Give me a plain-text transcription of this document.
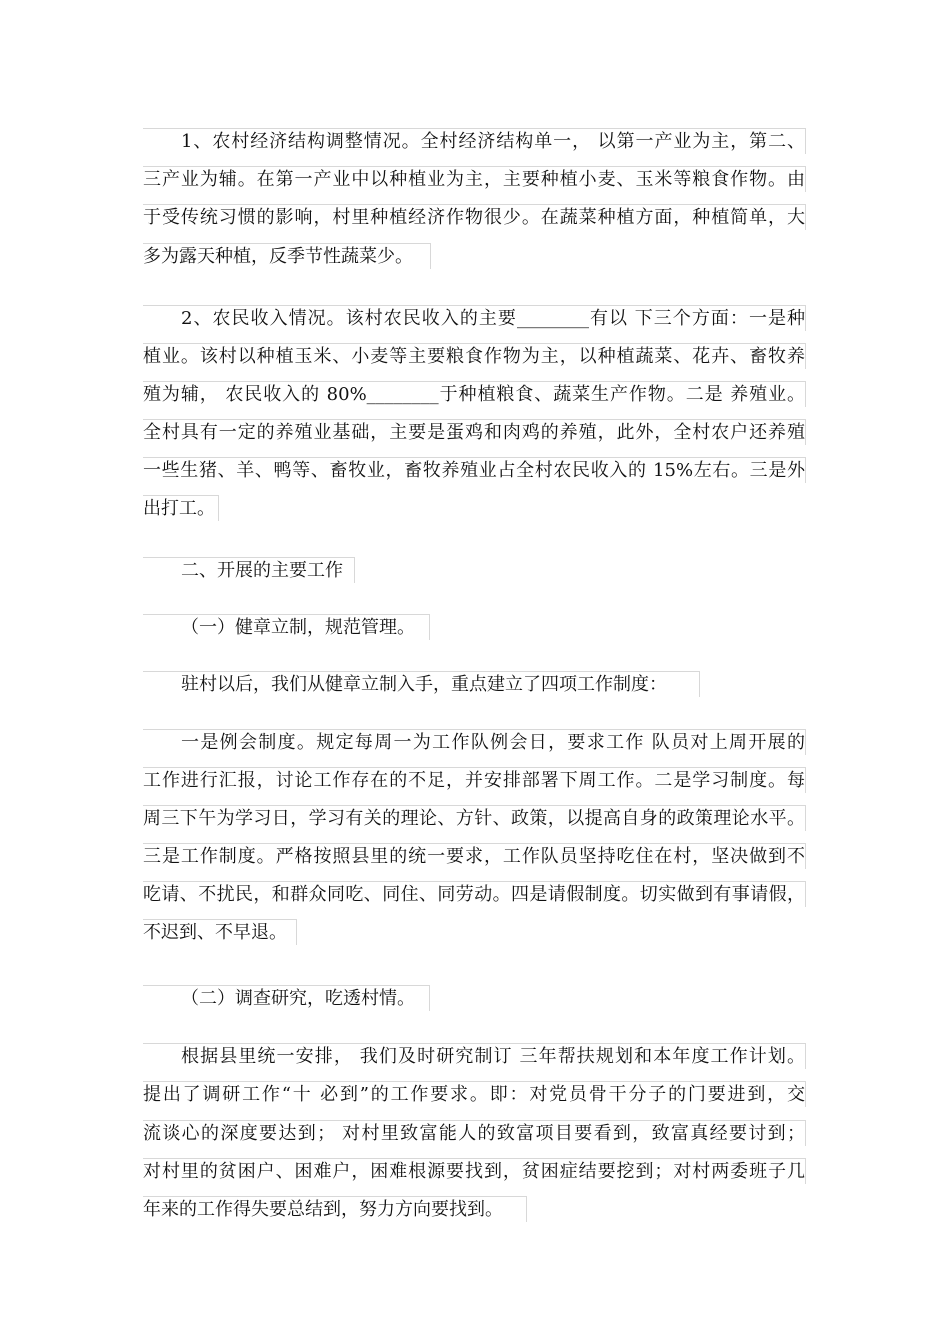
1、农村经济结构调整情况。全村经济结构单一， 以第一产业为主，第二、
三产业为辅。在第一产业中以种植业为主，主要种植小麦、玉米等粮食作物。由
于受传统习惯的影响，村里种植经济作物很少。在蔬菜种植方面，种植简单，大
多为露天种植，反季节性蔬菜少。
2、农民收入情况。该村农民收入的主要________有以 下三个方面：一是种
植业。该村以种植玉米、小麦等主要粮食作物为主，以种植蔬菜、花卉、畜牧养
殖为辅， 农民收入的 80%________于种植粮食、蔬菜生产作物。二是 养殖业。
全村具有一定的养殖业基础，主要是蛋鸡和肉鸡的养殖，此外，全村农户还养殖
一些生猪、羊、鸭等、畜牧业，畜牧养殖业占全村农民收入的 15%左右。三是外
出打工。
二、开展的主要工作
（一）健章立制，规范管理。
驻村以后，我们从健章立制入手，重点建立了四项工作制度：
一是例会制度。规定每周一为工作队例会日，要求工作 队员对上周开展的
工作进行汇报，讨论工作存在的不足，并安排部署下周工作。二是学习制度。每
周三下午为学习日，学习有关的理论、方针、政策，以提高自身的政策理论水平。
三是工作制度。严格按照县里的统一要求，工作队员坚持吃住在村，坚决做到不
吃请、不扰民，和群众同吃、同住、同劳动。四是请假制度。切实做到有事请假，
不迟到、不早退。
（二）调查研究，吃透村情。
根据县里统一安排， 我们及时研究制订 三年帮扶规划和本年度工作计划。
提出了调研工作“十 必到”的工作要求。即：对党员骨干分子的门要进到，交
流谈心的深度要达到； 对村里致富能人的致富项目要看到，致富真经要讨到；
对村里的贫困户、困难户，困难根源要找到，贫困症结要挖到；对村两委班子几
年来的工作得失要总结到，努力方向要找到。
